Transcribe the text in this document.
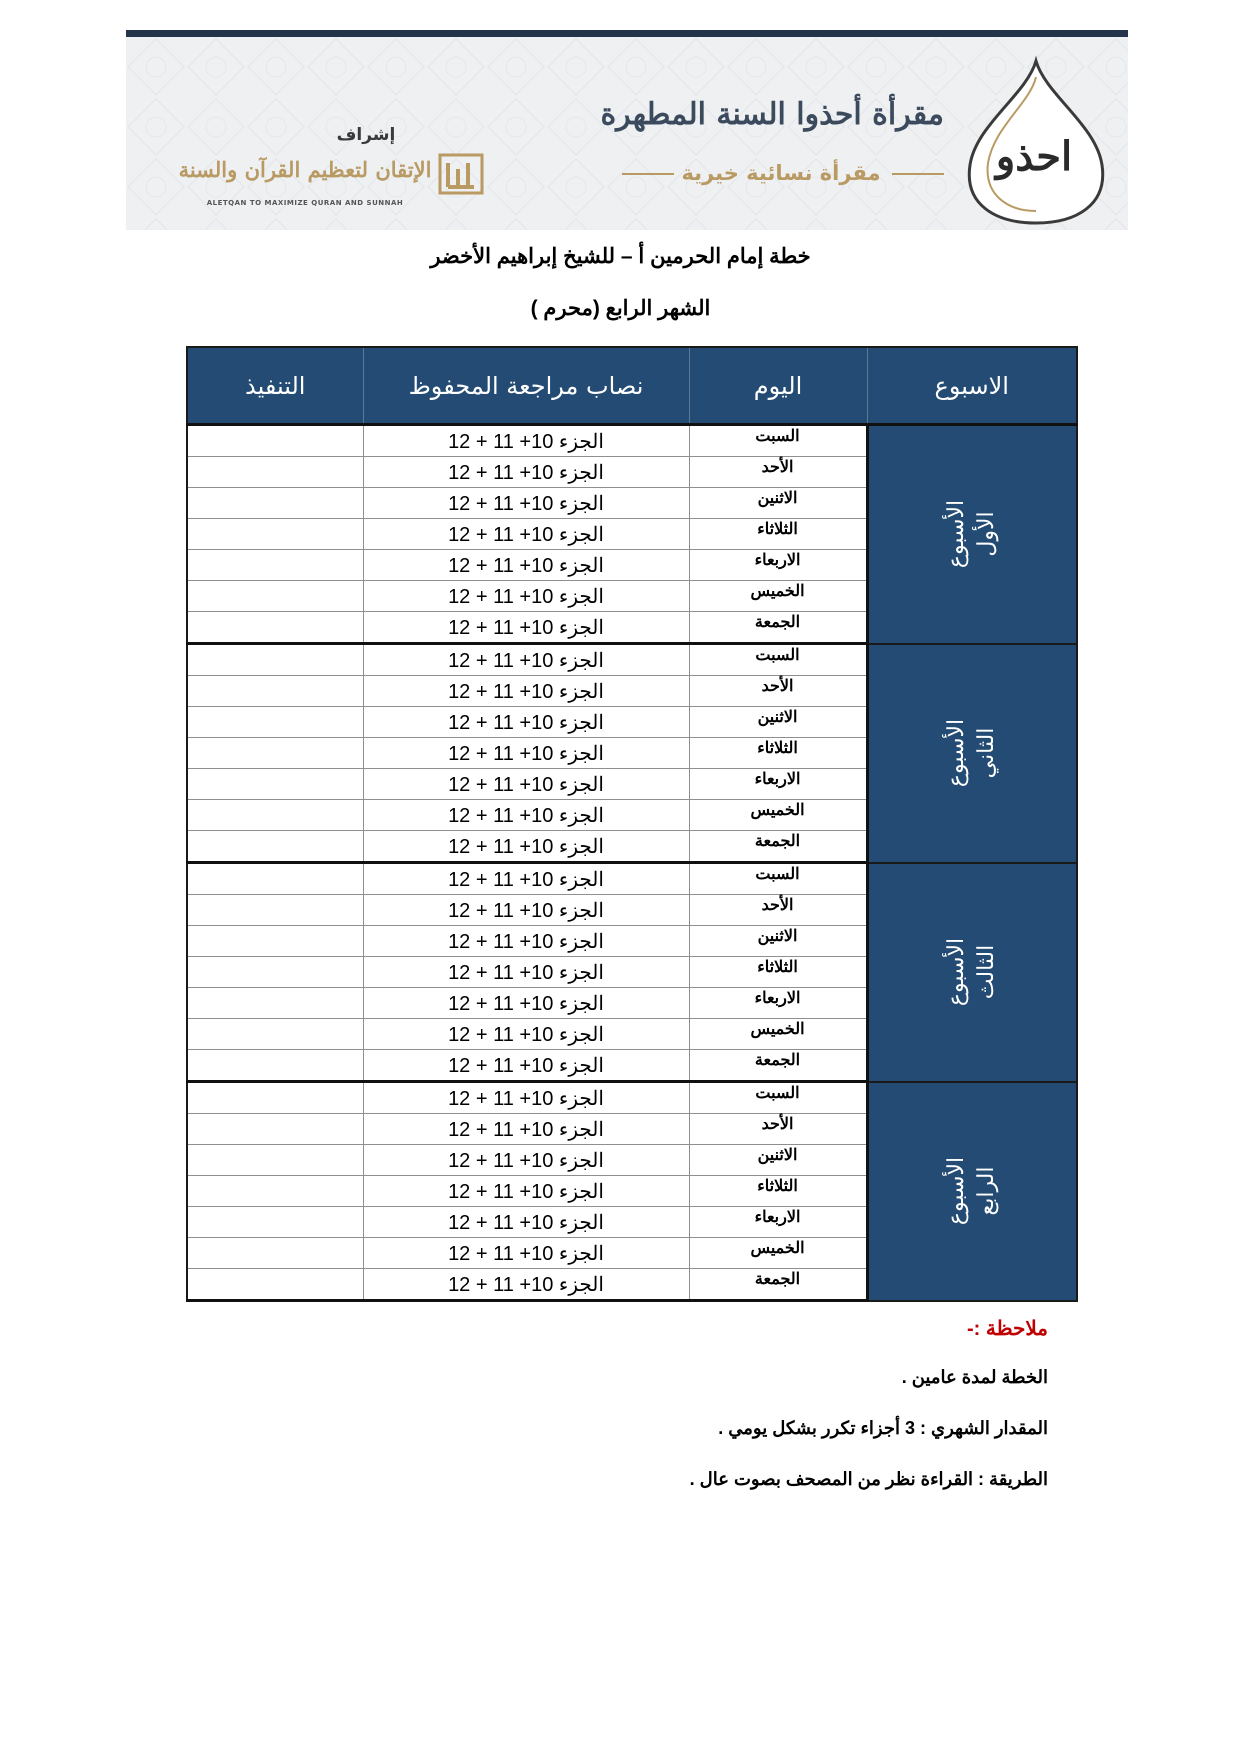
احذو
مقرأة أحذوا السنة المطهرة
مقرأة نسائية خيرية
إشراف
الإتقان لتعظيم القرآن والسنة
ALETQAN TO MAXIMIZE QURAN AND SUNNAH
خطة إمام الحرمين أ – للشيخ إبراهيم الأخضر
الشهر الرابع (محرم )
الاسبوع	اليوم	نصاب مراجعة المحفوظ	التنفيذ
الأسبوع
الأول	السبت	الجزء 10+ 11 + 12	
	الأحد	الجزء 10+ 11 + 12	
	الاثنين	الجزء 10+ 11 + 12	
	الثلاثاء	الجزء 10+ 11 + 12	
	الاربعاء	الجزء 10+ 11 + 12	
	الخميس	الجزء 10+ 11 + 12	
	الجمعة	الجزء 10+ 11 + 12	
الأسبوع
الثاني	السبت	الجزء 10+ 11 + 12	
	الأحد	الجزء 10+ 11 + 12	
	الاثنين	الجزء 10+ 11 + 12	
	الثلاثاء	الجزء 10+ 11 + 12	
	الاربعاء	الجزء 10+ 11 + 12	
	الخميس	الجزء 10+ 11 + 12	
	الجمعة	الجزء 10+ 11 + 12	
الأسبوع
الثالث	السبت	الجزء 10+ 11 + 12	
	الأحد	الجزء 10+ 11 + 12	
	الاثنين	الجزء 10+ 11 + 12	
	الثلاثاء	الجزء 10+ 11 + 12	
	الاربعاء	الجزء 10+ 11 + 12	
	الخميس	الجزء 10+ 11 + 12	
	الجمعة	الجزء 10+ 11 + 12	
الأسبوع
الرابع	السبت	الجزء 10+ 11 + 12	
	الأحد	الجزء 10+ 11 + 12	
	الاثنين	الجزء 10+ 11 + 12	
	الثلاثاء	الجزء 10+ 11 + 12	
	الاربعاء	الجزء 10+ 11 + 12	
	الخميس	الجزء 10+ 11 + 12	
	الجمعة	الجزء 10+ 11 + 12	
ملاحظة :-
الخطة لمدة عامين .
المقدار الشهري : 3 أجزاء تكرر بشكل يومي .
الطريقة : القراءة نظر من المصحف بصوت عال .
